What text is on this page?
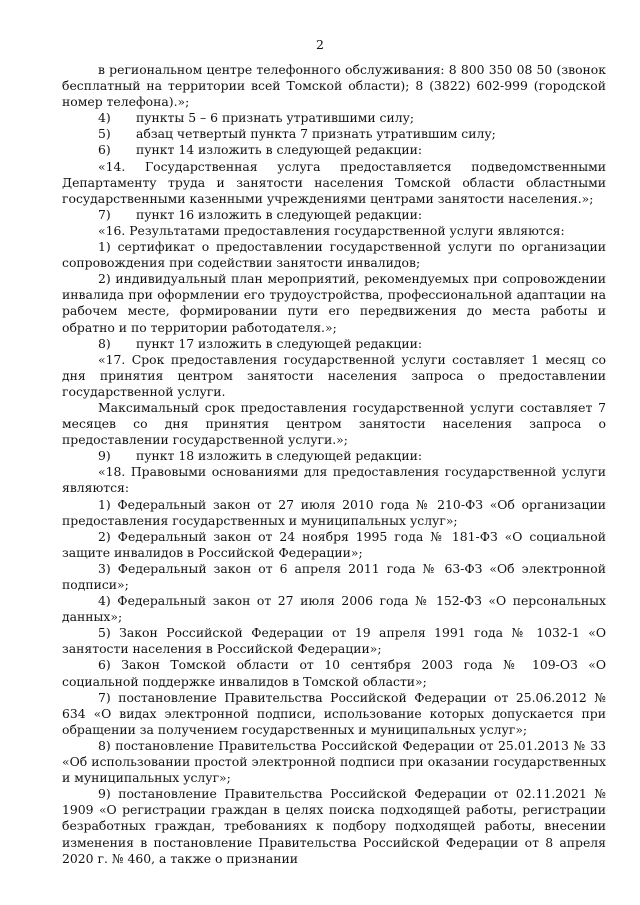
2

в региональном центре телефонного обслуживания: 8 800 350 08 50 (звонок бесплатный на территории всей Томской области); 8 (3822) 602-999 (городской номер телефона).»;

4)	пункты 5 – 6 признать утратившими силу;
5)	абзац четвертый пункта 7 признать утратившим силу;
6)	пункт 14 изложить в следующей редакции:

«14. Государственная услуга предоставляется подведомственными Департаменту труда и занятости населения Томской области областными государственными казенными учреждениями центрами занятости населения.»;

7)	пункт 16 изложить в следующей редакции:

«16. Результатами предоставления государственной услуги являются:

1) сертификат о предоставлении государственной услуги по организации сопровождения при содействии занятости инвалидов;

2) индивидуальный план мероприятий, рекомендуемых при сопровождении инвалида при оформлении его трудоустройства, профессиональной адаптации на рабочем месте, формировании пути его передвижения до места работы и обратно и по территории работодателя.»;

8)	пункт 17 изложить в следующей редакции:

«17. Срок предоставления государственной услуги составляет 1 месяц со дня принятия центром занятости населения запроса о предоставлении государственной услуги.

Максимальный срок предоставления государственной услуги составляет 7 месяцев со дня принятия центром занятости населения запроса о предоставлении государственной услуги.»;

9)	пункт 18 изложить в следующей редакции:

«18. Правовыми основаниями для предоставления государственной услуги являются:

1) Федеральный закон от 27 июля 2010 года № 210-ФЗ «Об организации предоставления государственных и муниципальных услуг»;

2) Федеральный закон от 24 ноября 1995 года № 181-ФЗ «О социальной защите инвалидов в Российской Федерации»;

3) Федеральный закон от 6 апреля 2011 года № 63-ФЗ «Об электронной подписи»;

4) Федеральный закон от 27 июля 2006 года № 152-ФЗ «О персональных данных»;

5) Закон Российской Федерации от 19 апреля 1991 года № 1032-1 «О занятости населения в Российской Федерации»;

6) Закон Томской области от 10 сентября 2003 года № 109-ОЗ «О социальной поддержке инвалидов в Томской области»;

7) постановление Правительства Российской Федерации от 25.06.2012 № 634 «О видах электронной подписи, использование которых допускается при обращении за получением государственных и муниципальных услуг»;

8) постановление Правительства Российской Федерации от 25.01.2013 № 33 «Об использовании простой электронной подписи при оказании государственных и муниципальных услуг»;

9) постановление Правительства Российской Федерации от 02.11.2021 № 1909 «О регистрации граждан в целях поиска подходящей работы, регистрации безработных граждан, требованиях к подбору подходящей работы, внесении изменения в постановление Правительства Российской Федерации от 8 апреля 2020 г. № 460, а также о признании
